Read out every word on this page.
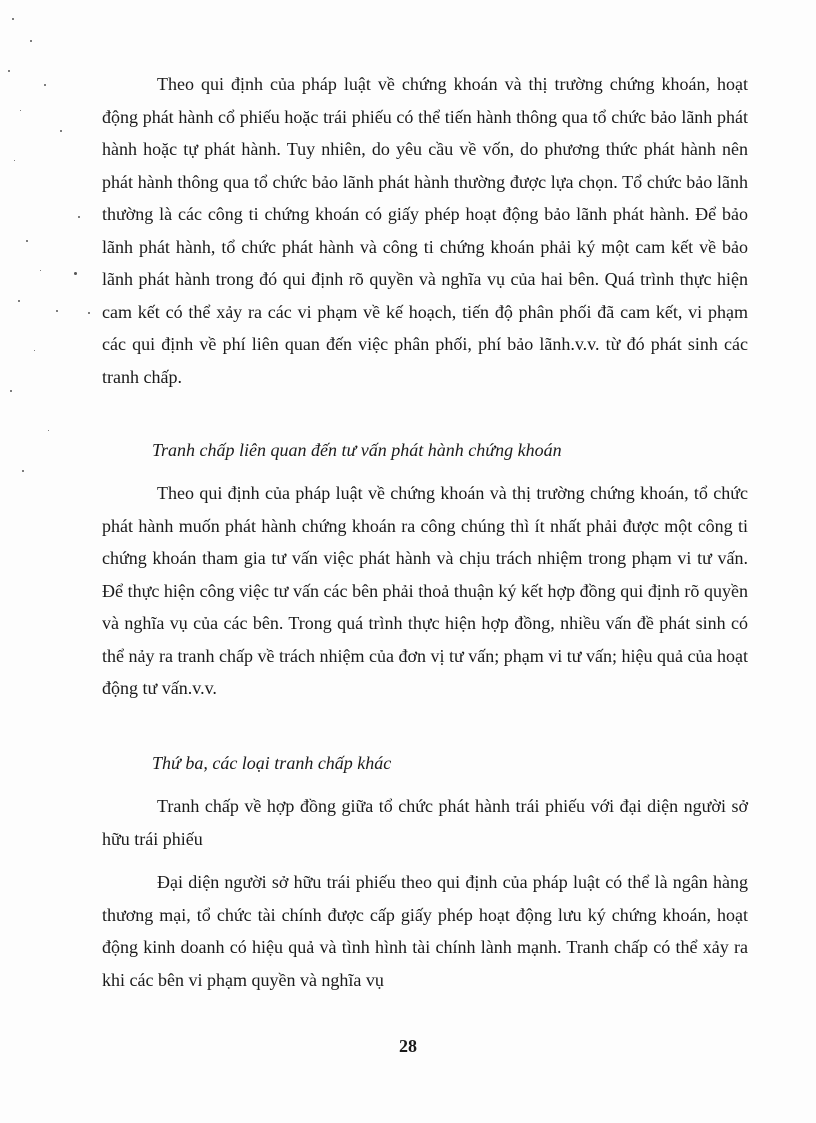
Theo qui định của pháp luật về chứng khoán và thị trường chứng khoán, hoạt động phát hành cổ phiếu hoặc trái phiếu có thể tiến hành thông qua tổ chức bảo lãnh phát hành hoặc tự phát hành. Tuy nhiên, do yêu cầu về vốn, do phương thức phát hành nên phát hành thông qua tổ chức bảo lãnh phát hành thường được lựa chọn. Tổ chức bảo lãnh thường là các công ti chứng khoán có giấy phép hoạt động bảo lãnh phát hành. Để bảo lãnh phát hành, tổ chức phát hành và công ti chứng khoán phải ký một cam kết về bảo lãnh phát hành trong đó qui định rõ quyền và nghĩa vụ của hai bên. Quá trình thực hiện cam kết có thể xảy ra các vi phạm về kế hoạch, tiến độ phân phối đã cam kết, vi phạm các qui định về phí liên quan đến việc phân phối, phí bảo lãnh.v.v. từ đó phát sinh các tranh chấp.

Tranh chấp liên quan đến tư vấn phát hành chứng khoán

Theo qui định của pháp luật về chứng khoán và thị trường chứng khoán, tổ chức phát hành muốn phát hành chứng khoán ra công chúng thì ít nhất phải được một công ti chứng khoán tham gia tư vấn việc phát hành và chịu trách nhiệm trong phạm vi tư vấn. Để thực hiện công việc tư vấn các bên phải thoả thuận ký kết hợp đồng qui định rõ quyền và nghĩa vụ của các bên. Trong quá trình thực hiện hợp đồng, nhiều vấn đề phát sinh có thể nảy ra tranh chấp về trách nhiệm của đơn vị tư vấn; phạm vi tư vấn; hiệu quả của hoạt động tư vấn.v.v.

Thứ ba, các loại tranh chấp khác

Tranh chấp về hợp đồng giữa tổ chức phát hành trái phiếu với đại diện người sở hữu trái phiếu

Đại diện người sở hữu trái phiếu theo qui định của pháp luật có thể là ngân hàng thương mại, tổ chức tài chính được cấp giấy phép hoạt động lưu ký chứng khoán, hoạt động kinh doanh có hiệu quả và tình hình tài chính lành mạnh. Tranh chấp có thể xảy ra khi các bên vi phạm quyền và nghĩa vụ

28
